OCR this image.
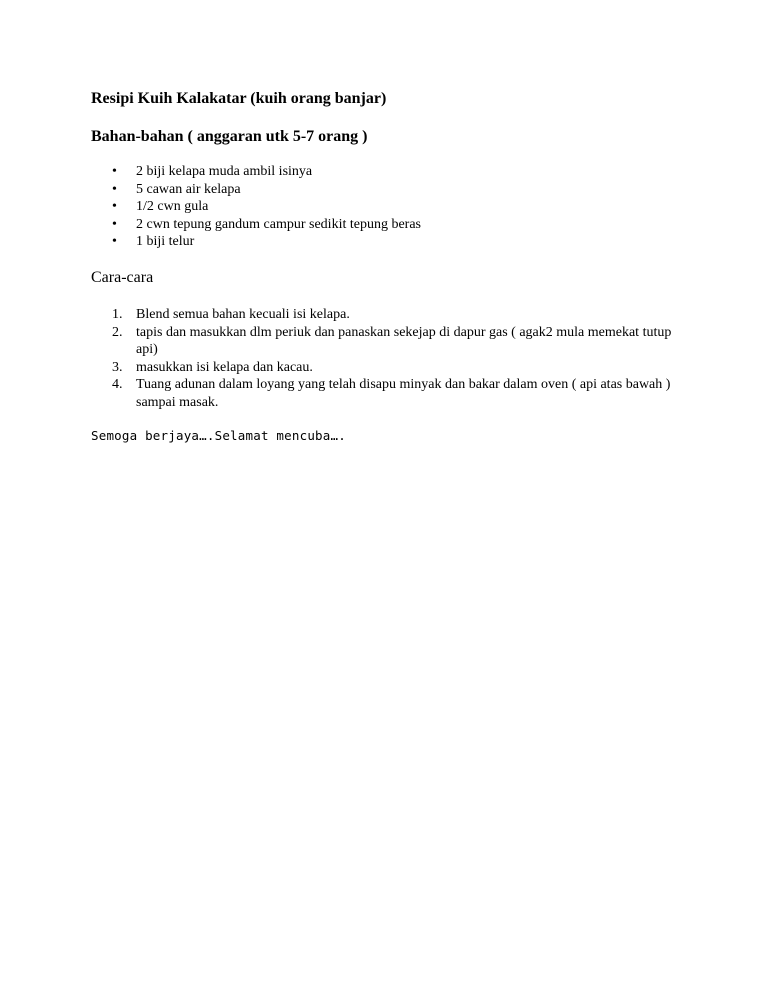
Resipi Kuih Kalakatar (kuih orang banjar)
Bahan-bahan ( anggaran utk 5-7 orang )
• 2 biji kelapa muda ambil isinya
• 5 cawan air kelapa
• 1/2 cwn gula
• 2 cwn tepung gandum campur sedikit tepung beras
• 1 biji telur
Cara-cara
1. Blend semua bahan kecuali isi kelapa.
2. tapis dan masukkan dlm periuk dan panaskan sekejap di dapur gas ( agak2 mula memekat tutup api)
3. masukkan isi kelapa dan kacau.
4. Tuang adunan dalam loyang yang telah disapu minyak dan bakar dalam oven ( api atas bawah ) sampai masak.
Semoga berjaya….Selamat mencuba….
